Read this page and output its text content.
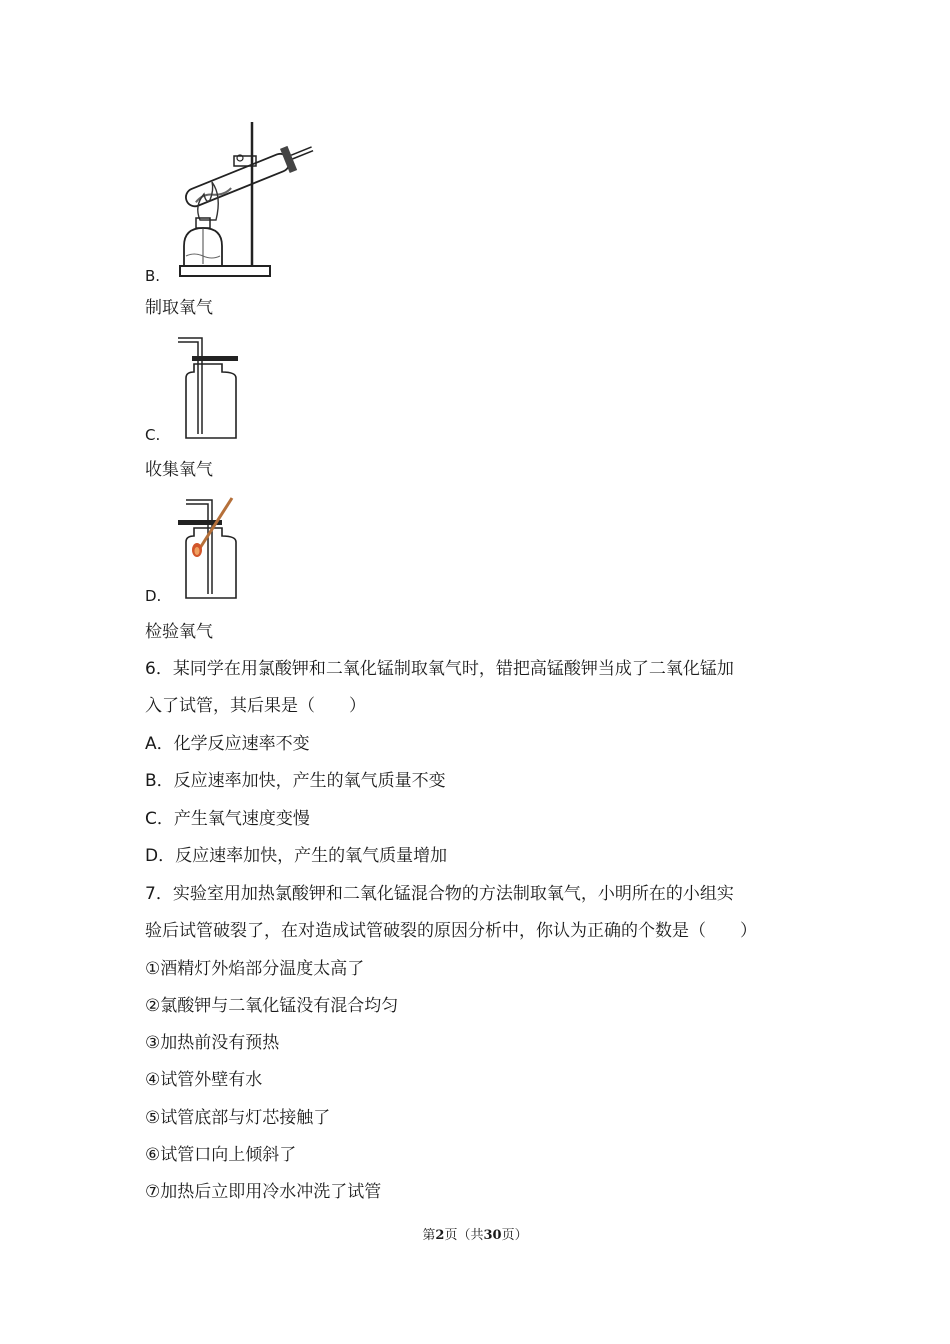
B.
制取氧气
C.
收集氧气
D.
检验氧气
6．某同学在用氯酸钾和二氧化锰制取氧气时，错把高锰酸钾当成了二氧化锰加
入了试管，其后果是（　　）
A．化学反应速率不变
B．反应速率加快，产生的氧气质量不变
C．产生氧气速度变慢
D．反应速率加快，产生的氧气质量增加
7．实验室用加热氯酸钾和二氧化锰混合物的方法制取氧气，小明所在的小组实
验后试管破裂了，在对造成试管破裂的原因分析中，你认为正确的个数是（　　）
①酒精灯外焰部分温度太高了
②氯酸钾与二氧化锰没有混合均匀
③加热前没有预热
④试管外壁有水
⑤试管底部与灯芯接触了
⑥试管口向上倾斜了
⑦加热后立即用冷水冲洗了试管
第2页（共30页）
